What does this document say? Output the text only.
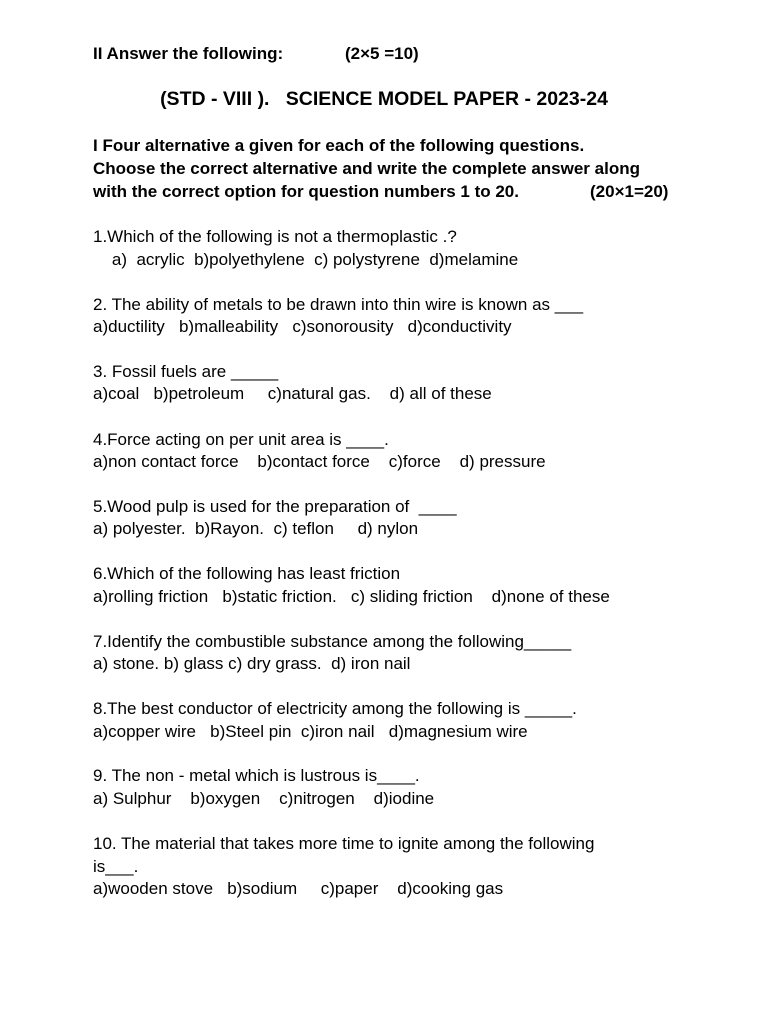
II Answer the following:	(2×5 =10)
(STD - VIII ).   SCIENCE MODEL PAPER - 2023-24
I Four alternative a given for each of the following questions.
Choose the correct alternative and write the complete answer along
with the correct option for question numbers 1 to 20.	(20×1=20)
1.Which of the following is not a thermoplastic .?
a)  acrylic  b)polyethylene  c) polystyrene  d)melamine
2. The ability of metals to be drawn into thin wire is known as ___
a)ductility   b)malleability   c)sonorousity   d)conductivity
3. Fossil fuels are _____
a)coal   b)petroleum     c)natural gas.    d) all of these
4.Force acting on per unit area is ____.
a)non contact force    b)contact force    c)force    d) pressure
5.Wood pulp is used for the preparation of  ____
a) polyester.  b)Rayon.  c) teflon     d) nylon
6.Which of the following has least friction
a)rolling friction   b)static friction.   c) sliding friction    d)none of these
7.Identify the combustible substance among the following_____
a) stone. b) glass c) dry grass.  d) iron nail
8.The best conductor of electricity among the following is _____.
a)copper wire   b)Steel pin  c)iron nail   d)magnesium wire
9. The non - metal which is lustrous is____.
a) Sulphur    b)oxygen    c)nitrogen    d)iodine
10. The material that takes more time to ignite among the following
is___.
a)wooden stove   b)sodium     c)paper    d)cooking gas
